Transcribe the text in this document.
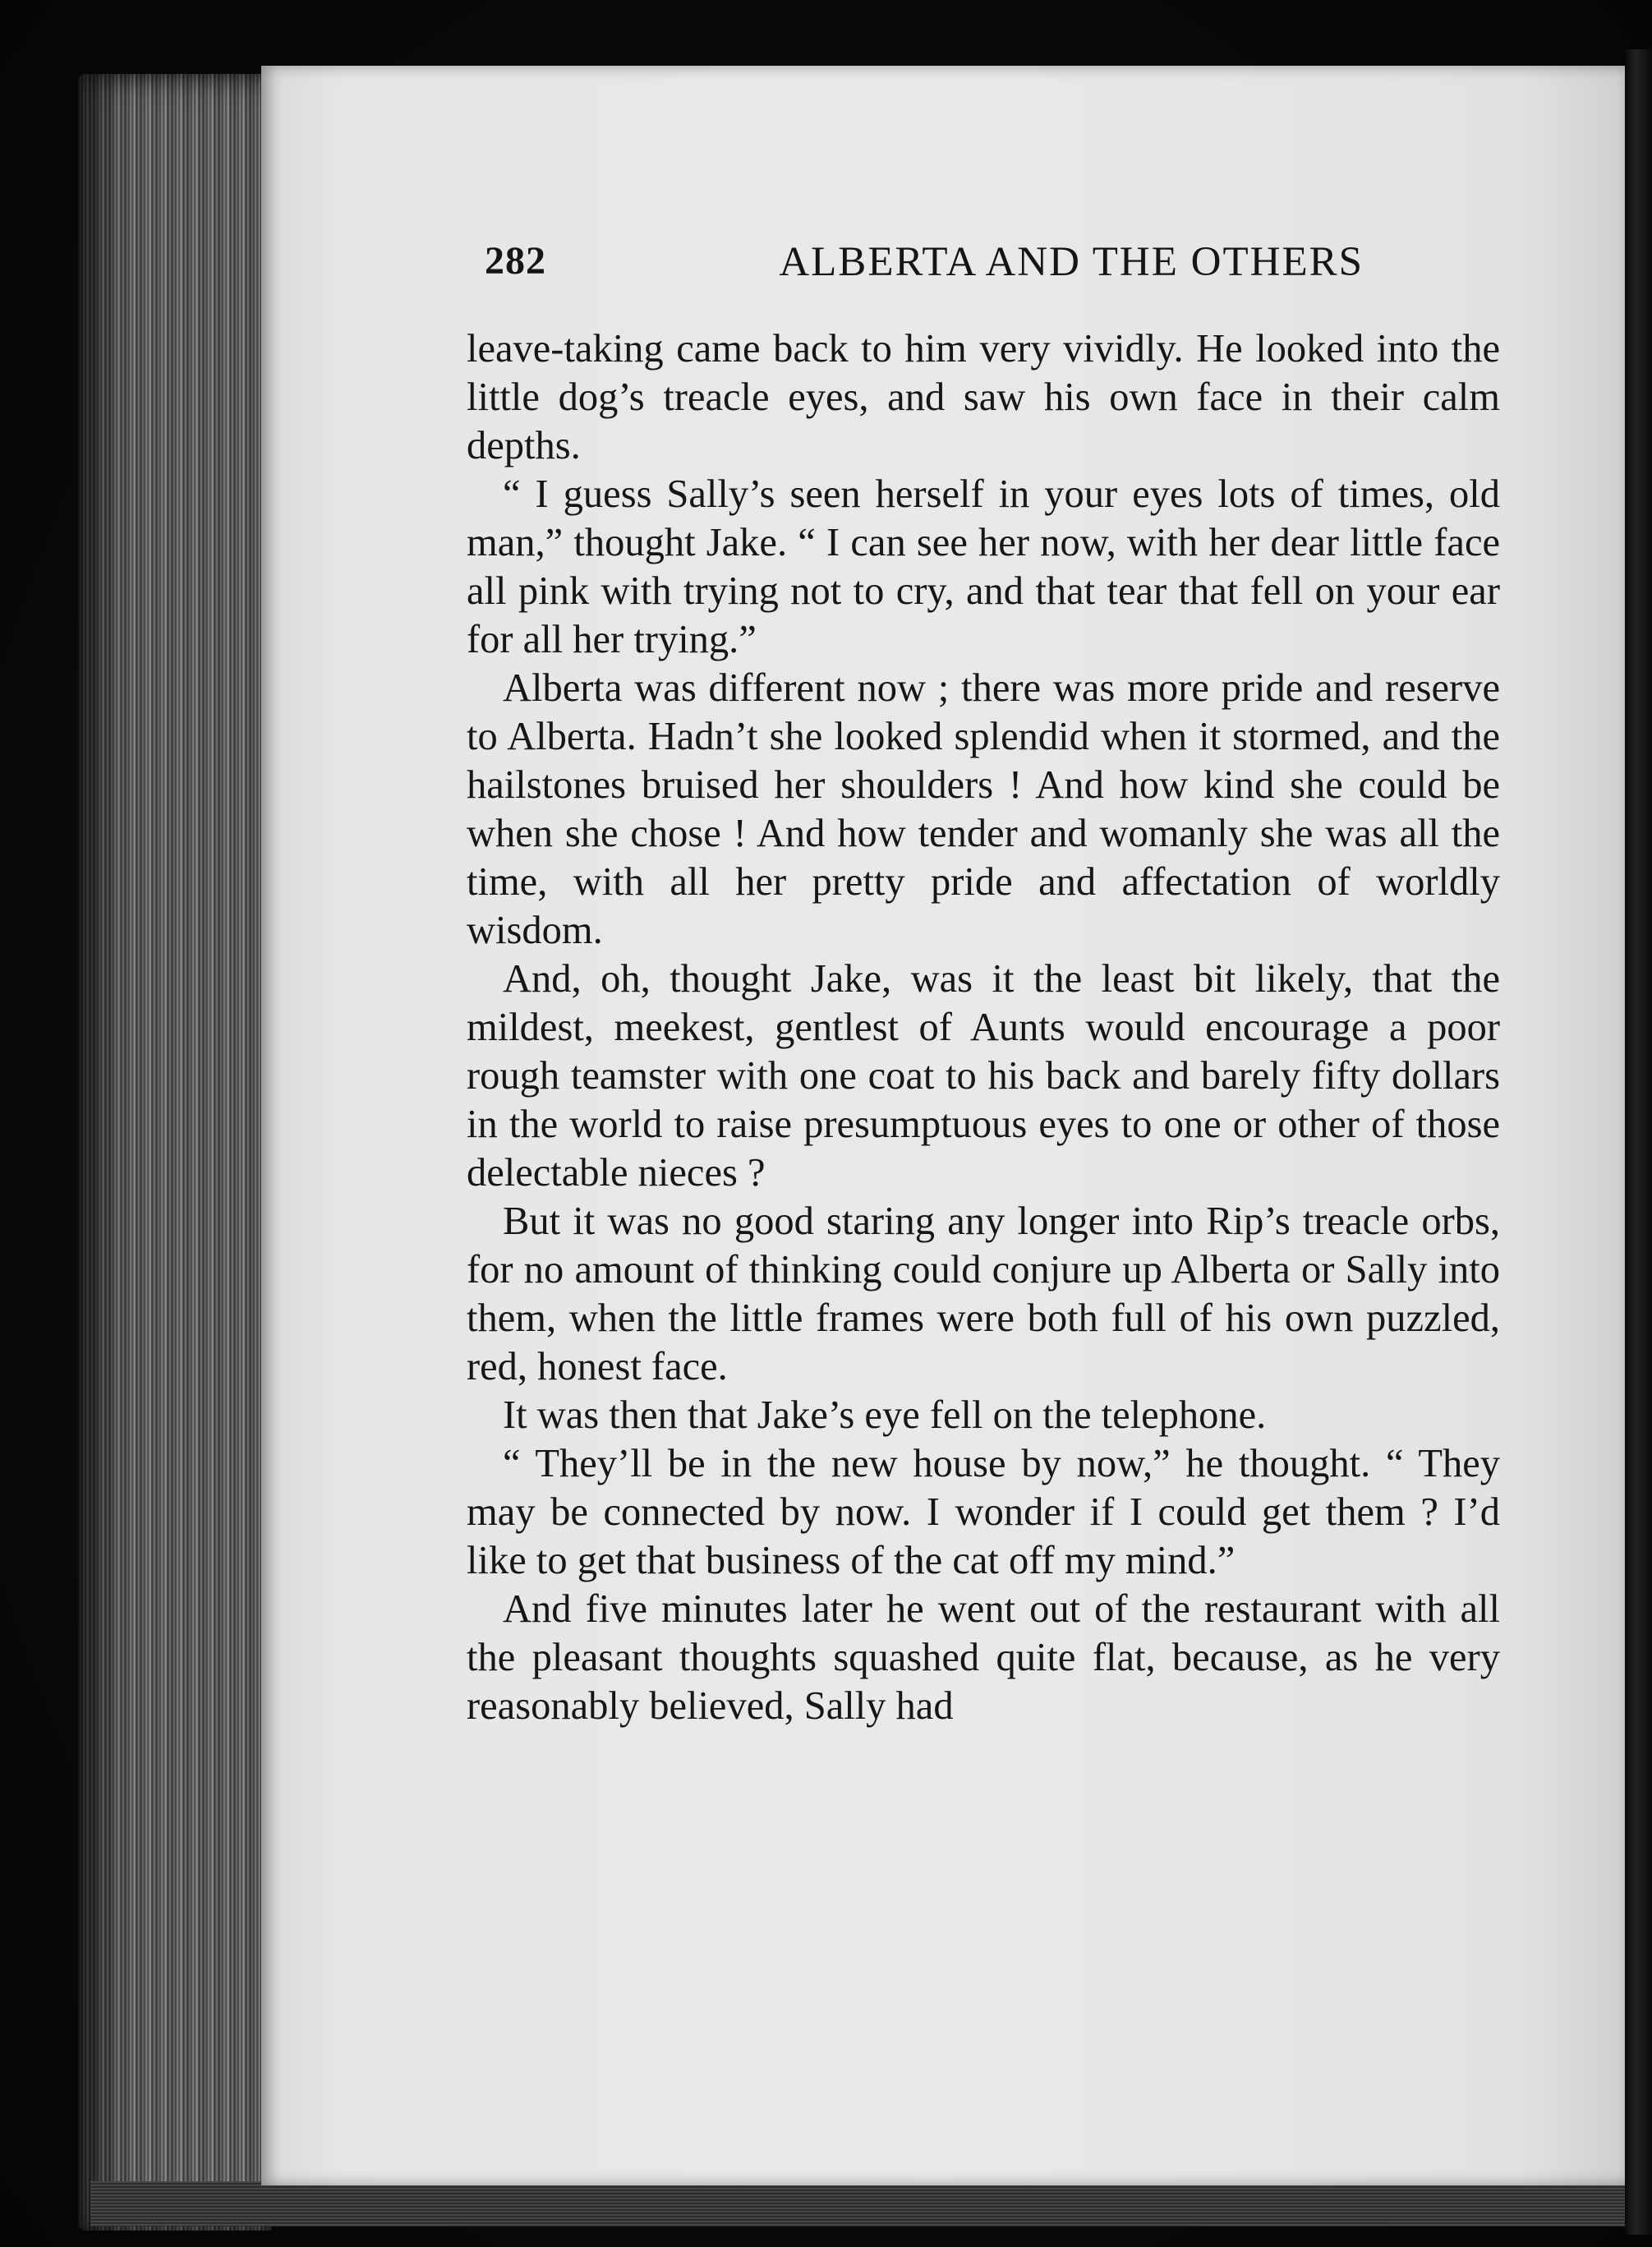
282	ALBERTA AND THE OTHERS

leave-taking came back to him very vividly. He looked into the little dog’s treacle eyes, and saw his own face in their calm depths.

“ I guess Sally’s seen herself in your eyes lots of times, old man,” thought Jake. “ I can see her now, with her dear little face all pink with trying not to cry, and that tear that fell on your ear for all her trying.”

Alberta was different now ; there was more pride and reserve to Alberta. Hadn’t she looked splendid when it stormed, and the hailstones bruised her shoulders ! And how kind she could be when she chose ! And how tender and womanly she was all the time, with all her pretty pride and affectation of worldly wisdom.

And, oh, thought Jake, was it the least bit likely, that the mildest, meekest, gentlest of Aunts would encourage a poor rough teamster with one coat to his back and barely fifty dollars in the world to raise presumptuous eyes to one or other of those delectable nieces ?

But it was no good staring any longer into Rip’s treacle orbs, for no amount of thinking could conjure up Alberta or Sally into them, when the little frames were both full of his own puzzled, red, honest face.

It was then that Jake’s eye fell on the telephone.

“ They’ll be in the new house by now,” he thought. “ They may be connected by now. I wonder if I could get them ? I’d like to get that business of the cat off my mind.”

And five minutes later he went out of the restaurant with all the pleasant thoughts squashed quite flat, because, as he very reasonably believed, Sally had
